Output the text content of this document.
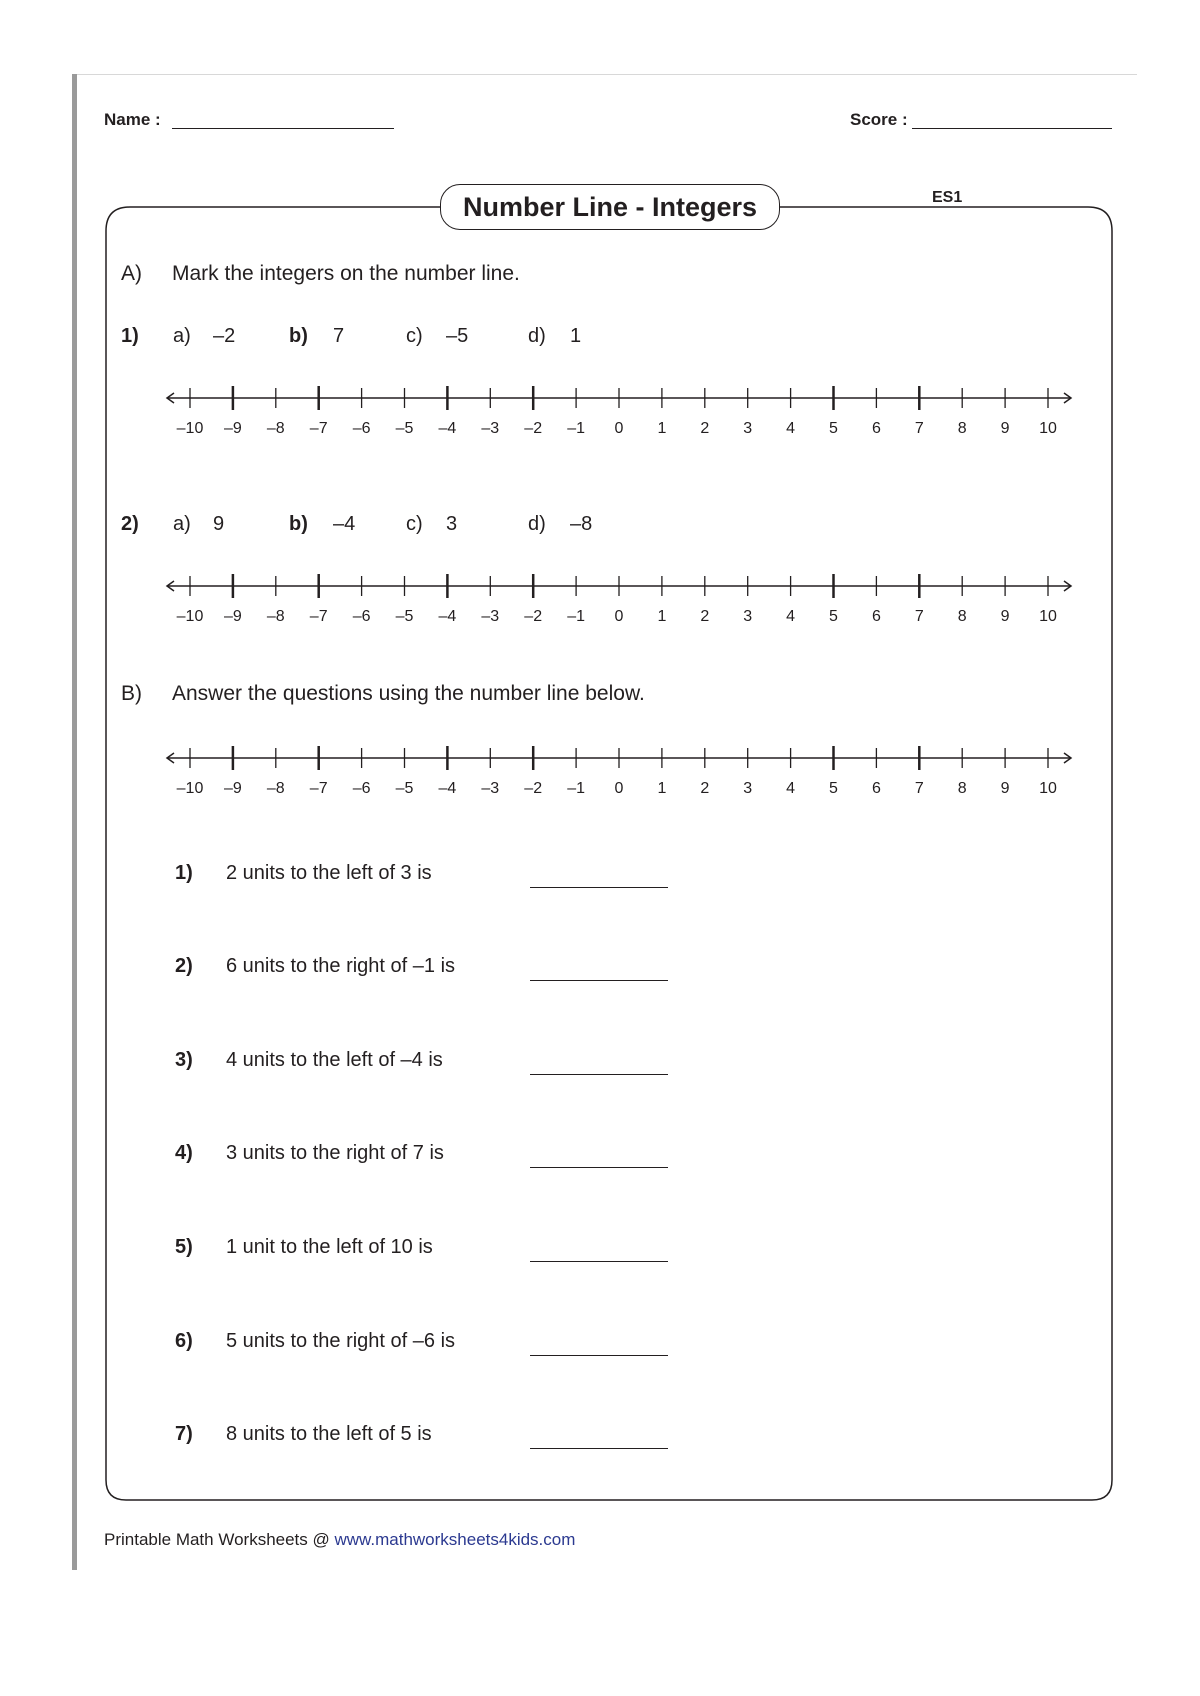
Name :	Score :
Number Line - Integers	ES1
A) Mark the integers on the number line.
1) a) –2	b) 7	c) –5	d) 1
–10 –9 –8 –7 –6 –5 –4 –3 –2 –1 0 1 2 3 4 5 6 7 8 9 10
2) a) 9	b) –4	c) 3	d) –8
–10 –9 –8 –7 –6 –5 –4 –3 –2 –1 0 1 2 3 4 5 6 7 8 9 10
B) Answer the questions using the number line below.
–10 –9 –8 –7 –6 –5 –4 –3 –2 –1 0 1 2 3 4 5 6 7 8 9 10
1) 2 units to the left of 3 is
2) 6 units to the right of –1 is
3) 4 units to the left of –4 is
4) 3 units to the right of 7 is
5) 1 unit to the left of 10 is
6) 5 units to the right of –6 is
7) 8 units to the left of 5 is
Printable Math Worksheets @ www.mathworksheets4kids.com
